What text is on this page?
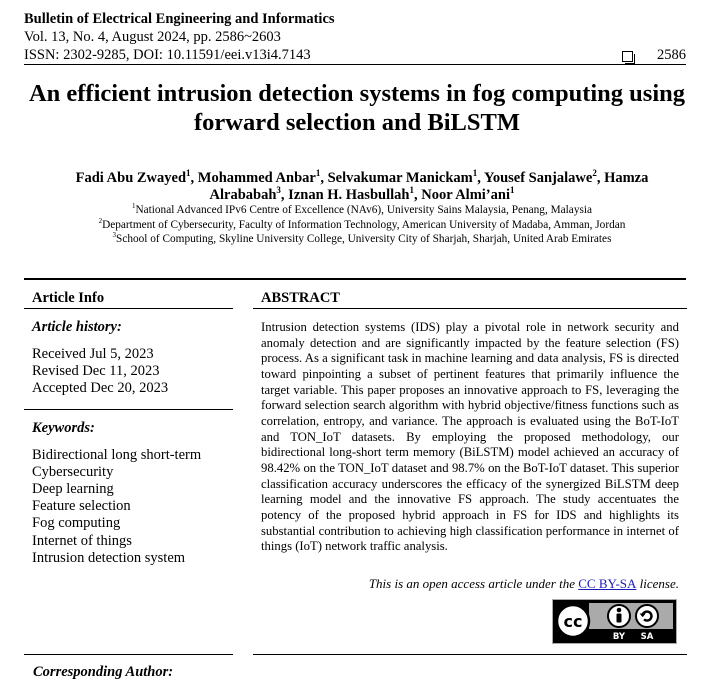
Bulletin of Electrical Engineering and Informatics
Vol. 13, No. 4, August 2024, pp. 2586~2603
ISSN: 2302-9285, DOI: 10.11591/eei.v13i4.7143	2586
An efficient intrusion detection systems in fog computing using
forward selection and BiLSTM
Fadi Abu Zwayed$^1$, Mohammed Anbar$^1$, Selvakumar Manickam$^1$, Yousef Sanjalawe$^2$, Hamza Alrababah$^3$, Iznan H. Hasbullah$^1$, Noor Almi’ani$^1$
$^1$National Advanced IPv6 Centre of Excellence (NAv6), University Sains Malaysia, Penang, Malaysia
$^2$Department of Cybersecurity, Faculty of Information Technology, American University of Madaba, Amman, Jordan
$^3$School of Computing, Skyline University College, University City of Sharjah, Sharjah, United Arab Emirates
Article Info
Article history:
Received Jul 5, 2023
Revised Dec 11, 2023
Accepted Dec 20, 2023
Keywords:
Bidirectional long short-term
Cybersecurity
Deep learning
Feature selection
Fog computing
Internet of things
Intrusion detection system
ABSTRACT
Intrusion detection systems (IDS) play a pivotal role in network security and anomaly detection and are significantly impacted by the feature selection (FS) process. As a significant task in machine learning and data analysis, FS is directed toward pinpointing a subset of pertinent features that primarily influence the target variable. This paper proposes an innovative approach to FS, leveraging the forward selection search algorithm with hybrid objective/fitness functions such as correlation, entropy, and variance. The approach is evaluated using the BoT-IoT and TON_IoT datasets. By employing the proposed methodology, our bidirectional long-short term memory (BiLSTM) model achieved an accuracy of 98.42% on the TON_IoT dataset and 98.7% on the BoT-IoT dataset. This superior classification accuracy underscores the efficacy of the synergized BiLSTM deep learning model and the innovative FS approach. The study accentuates the potency of the proposed hybrid approach in FS for IDS and highlights its substantial contribution to achieving high classification performance in internet of things (IoT) network traffic analysis.
This is an open access article under the CC BY-SA license.
cc
BY SA
Corresponding Author:
